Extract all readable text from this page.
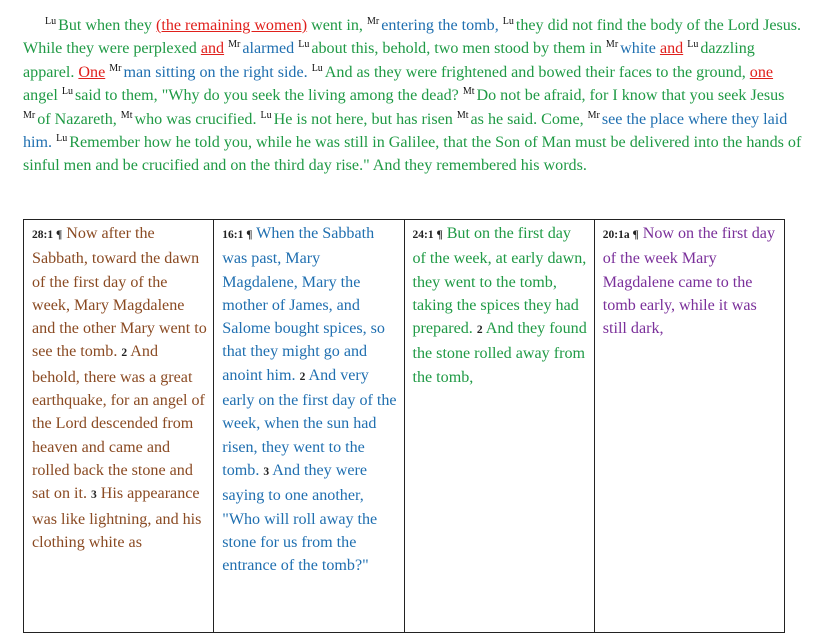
$^{Lu}$ But when they (the remaining women) went in, $^{Mr}$ entering the tomb, $^{Lu}$ they did not find the body of the Lord Jesus. While they were perplexed and $^{Mr}$ alarmed $^{Lu}$ about this, behold, two men stood by them in $^{Mr}$ white and $^{Lu}$ dazzling apparel. One $^{Mr}$ man sitting on the right side. $^{Lu}$ And as they were frightened and bowed their faces to the ground, one angel $^{Lu}$ said to them, "Why do you seek the living among the dead? $^{Mt}$ Do not be afraid, for I know that you seek Jesus $^{Mr}$ of Nazareth, $^{Mt}$ who was crucified. $^{Lu}$ He is not here, but has risen $^{Mt}$ as he said. Come, $^{Mr}$ see the place where they laid him. $^{Lu}$ Remember how he told you, while he was still in Galilee, that the Son of Man must be delivered into the hands of sinful men and be crucified and on the third day rise." And they remembered his words.
28:1 ¶ Now after the Sabbath, toward the dawn of the first day of the week, Mary Magdalene and the other Mary went to see the tomb. 2 And behold, there was a great earthquake, for an angel of the Lord descended from heaven and came and rolled back the stone and sat on it. 3 His appearance was like lightning, and his clothing white as	16:1 ¶ When the Sabbath was past, Mary Magdalene, Mary the mother of James, and Salome bought spices, so that they might go and anoint him. 2 And very early on the first day of the week, when the sun had risen, they went to the tomb. 3 And they were saying to one another, "Who will roll away the stone for us from the entrance of the tomb?"	24:1 ¶ But on the first day of the week, at early dawn, they went to the tomb, taking the spices they had prepared. 2 And they found the stone rolled away from the tomb,	20:1a ¶ Now on the first day of the week Mary Magdalene came to the tomb early, while it was still dark,
